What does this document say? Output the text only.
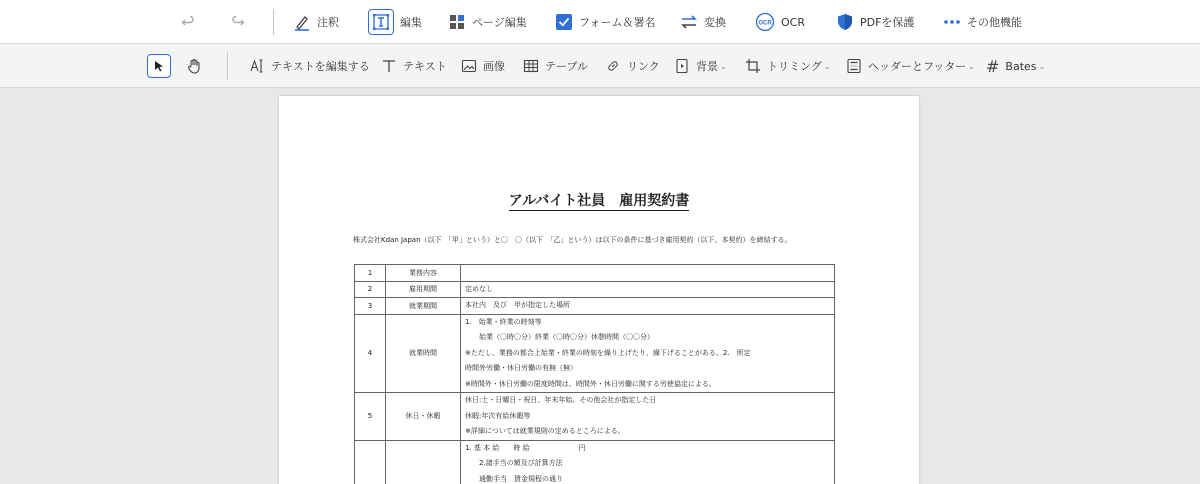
注釈	編集	ページ編集	フォーム＆署名	変換	OCR OCR	PDFを保護	その他機能
テキストを編集する	テキスト	画像	テーブル	リンク	背景 ⌄	トリミング ⌄	ヘッダーとフッター ⌄ # Bates ⌄
アルバイト社員　雇用契約書
株式会社Kdan Japan（以下　「甲」という）と〇　〇（以下　「乙」という）は以下の条件に基づき雇用契約（以下、本契約）を締結する。
1	業務内容	

2	雇用期間	定めなし

3	就業期間	本社内　及び　甲が指定した場所

4	就業時間	1.　始業・終業の時刻等
始業（〇時〇分）終業（〇時〇分）休憩時間（〇〇分）
※ただし、業務の都合上始業・終業の時刻を繰り上げたり、繰下げることがある。2.　所定
時間外労働・休日労働の有無（無）
※時間外・休日労働の限度時間は、時間外・休日労働に関する労使協定による。

5	休日・休暇	休日:土・日曜日・祝日、年末年始、その他会社が指定した日
休暇:年次有給休暇等
※詳細については就業規則の定めるところによる。

		1. 基 本 給　　時 給　　　　　　　円
2.諸手当の額及び計算方法
通勤手当　賃金規程の通り
